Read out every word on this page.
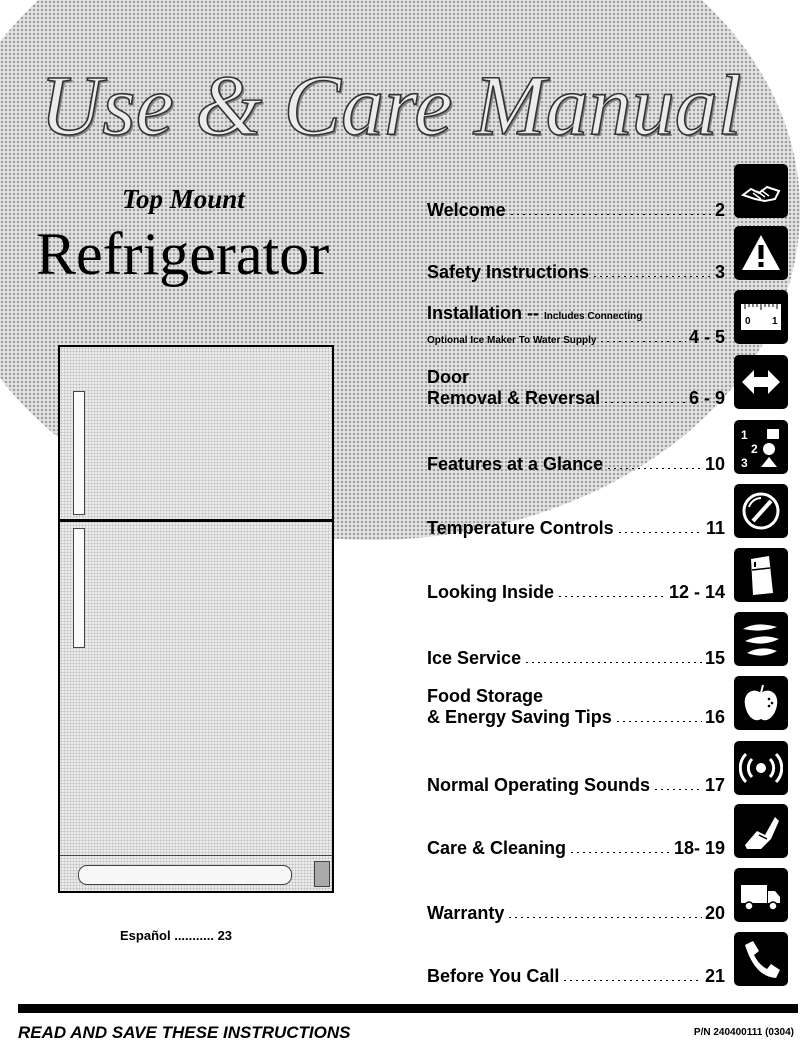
Use & Care Manual
Top Mount
Refrigerator
Español ........... 23
Welcome	2
Safety Instructions	3
Installation -- Includes Connecting
Optional Ice Maker To Water Supply	4 - 5
Door
Removal & Reversal	6 - 9
Features at a Glance	10
Temperature Controls	11
Looking Inside	12 - 14
Ice Service	15
Food Storage
& Energy Saving Tips	16
Normal Operating Sounds	17
Care & Cleaning	18- 19
Warranty	20
Before You Call	21
0 1
1
2
3
READ AND SAVE THESE INSTRUCTIONS	P/N 240400111 (0304)
